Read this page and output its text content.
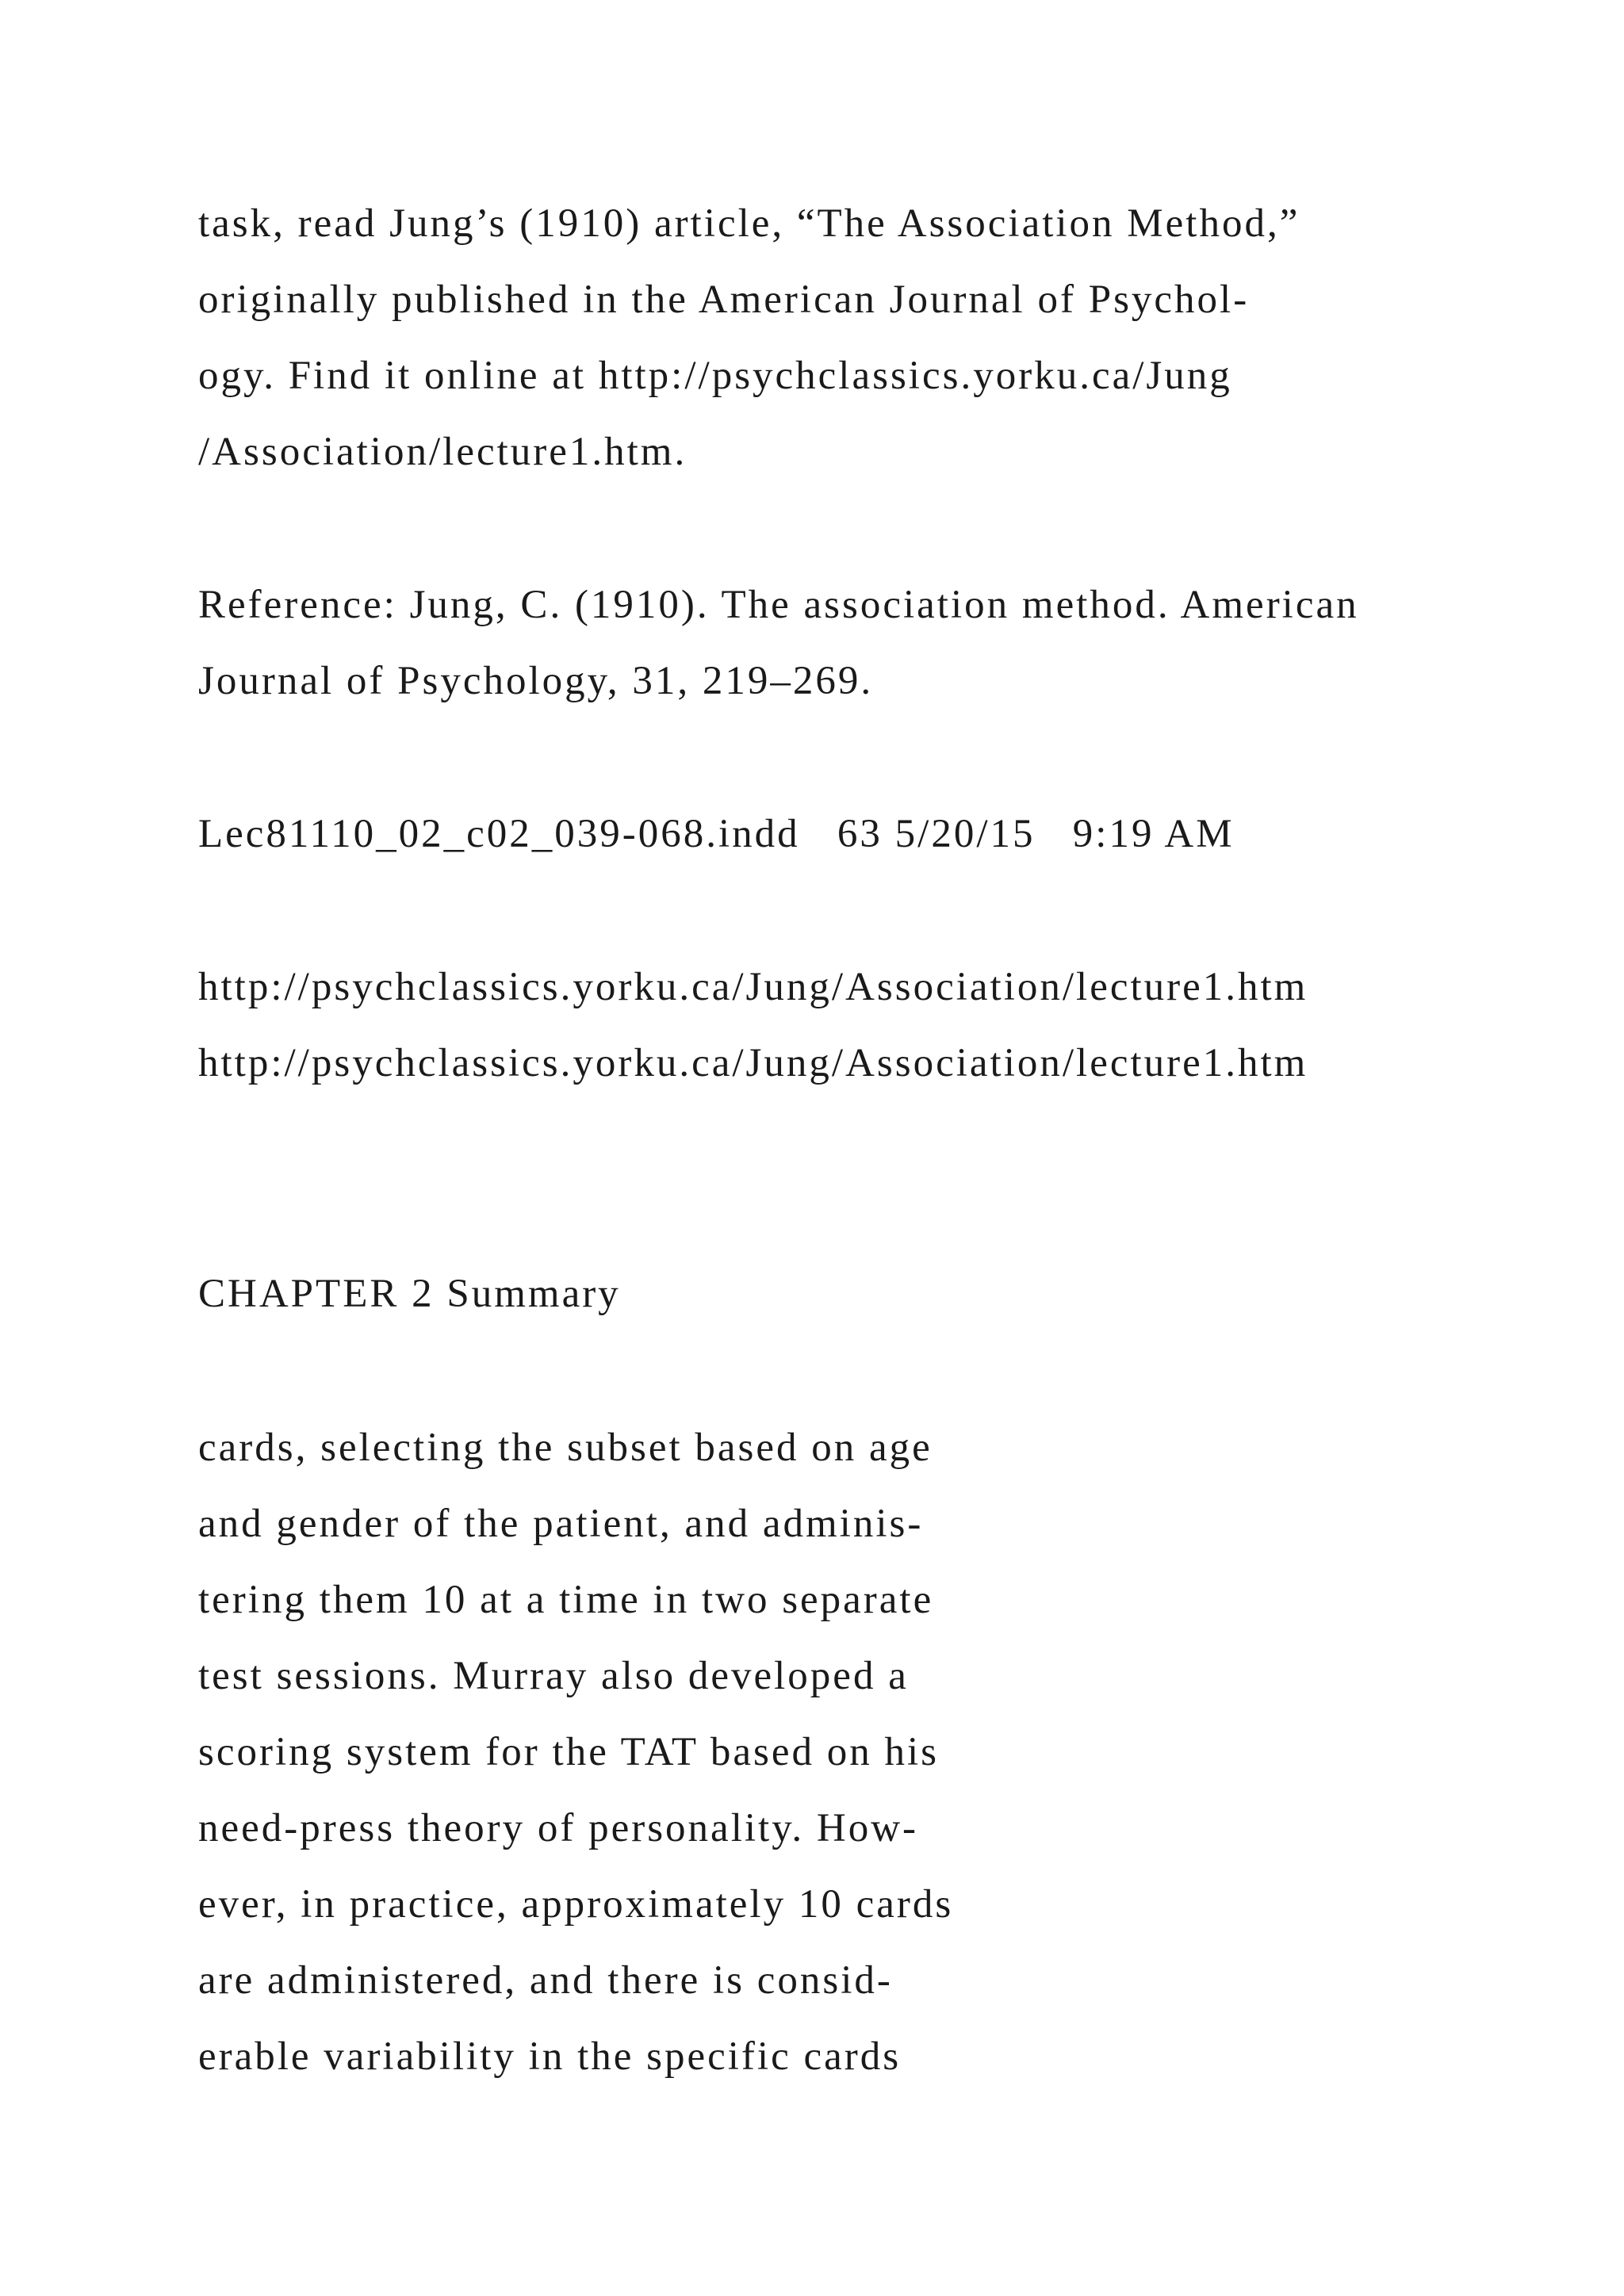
task, read Jung’s (1910) article, “The Association Method,”
originally published in the American Journal of Psychol-
ogy. Find it online at http://psychclassics.yorku.ca/Jung
/Association/lecture1.htm.
Reference: Jung, C. (1910). The association method. American
Journal of Psychology, 31, 219–269.
Lec81110_02_c02_039-068.indd   63 5/20/15   9:19 AM
http://psychclassics.yorku.ca/Jung/Association/lecture1.htm
http://psychclassics.yorku.ca/Jung/Association/lecture1.htm
CHAPTER 2 Summary
cards, selecting the subset based on age
and gender of the patient, and adminis-
tering them 10 at a time in two separate
test sessions. Murray also developed a
scoring system for the TAT based on his
need-press theory of personality. How-
ever, in practice, approximately 10 cards
are administered, and there is consid-
erable variability in the specific cards
